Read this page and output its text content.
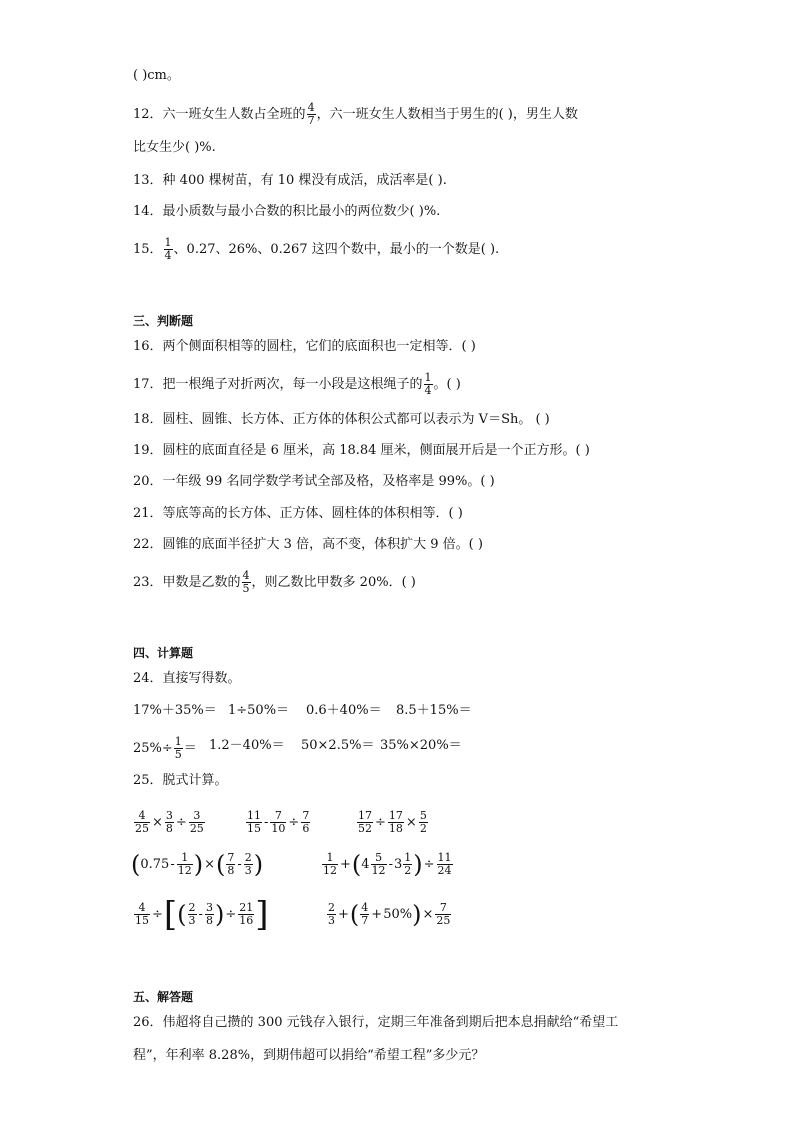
( )cm。
12．六一班女生人数占全班的 $\frac{4}{7}$ ，六一班女生人数相当于男生的( )，男生人数
比女生少( )%.
13．种 400 棵树苗，有 10 棵没有成活，成活率是( ).
14．最小质数与最小合数的积比最小的两位数少( )%.
15． $\frac{1}{4}$ 、0.27、26%、0.267 这四个数中，最小的一个数是( ).
三、判断题
16．两个侧面积相等的圆柱，它们的底面积也一定相等．( )
17．把一根绳子对折两次，每一小段是这根绳子的 $\frac{1}{4}$ 。( )
18．圆柱、圆锥、长方体、正方体的体积公式都可以表示为 V＝Sh。 ( )
19．圆柱的底面直径是 6 厘米，高 18.84 厘米，侧面展开后是一个正方形。( )
20．一年级 99 名同学数学考试全部及格，及格率是 99%。( )
21．等底等高的长方体、正方体、圆柱体的体积相等．( )
22．圆锥的底面半径扩大 3 倍，高不变，体积扩大 9 倍。( )
23．甲数是乙数的 $\frac{4}{5}$ ，则乙数比甲数多 20%．( )
四、计算题
24．直接写得数。
17%＋35%＝ 1÷50%＝ 0.6＋40%＝ 8.5＋15%＝
$25\%\div \frac{1}{5} = 1.2-40\%= 50\times 2.5\%= 35\%\times 20\%=$
25．脱式计算。
$\frac{4}{25} \times \frac{3}{8} \div \frac{3}{25}$	$\frac{11}{15} - \frac{7}{10} \div \frac{7}{6}$	$\frac{17}{52} \div \frac{17}{18} \times \frac{5}{2}$
($0.75- \frac{1}{12}$ )×( $\frac{7}{8} - \frac{2}{3}$ )	$\frac{1}{12} +(4 \frac{5}{12} -3 \frac{1}{2}$ )÷ $\frac{11}{24}$
$\frac{4}{15}$ ÷[( $\frac{2}{3} - \frac{3}{8}$ )÷ $\frac{21}{16}$ ]	$\frac{2}{3}$ +( $\frac{4}{7} +50\%)\times \frac{7}{25}$
五、解答题
26．伟超将自己攒的 300 元钱存入银行，定期三年准备到期后把本息捐献给“希望工
程”，年利率 8.28%，到期伟超可以捐给“希望工程”多少元？
